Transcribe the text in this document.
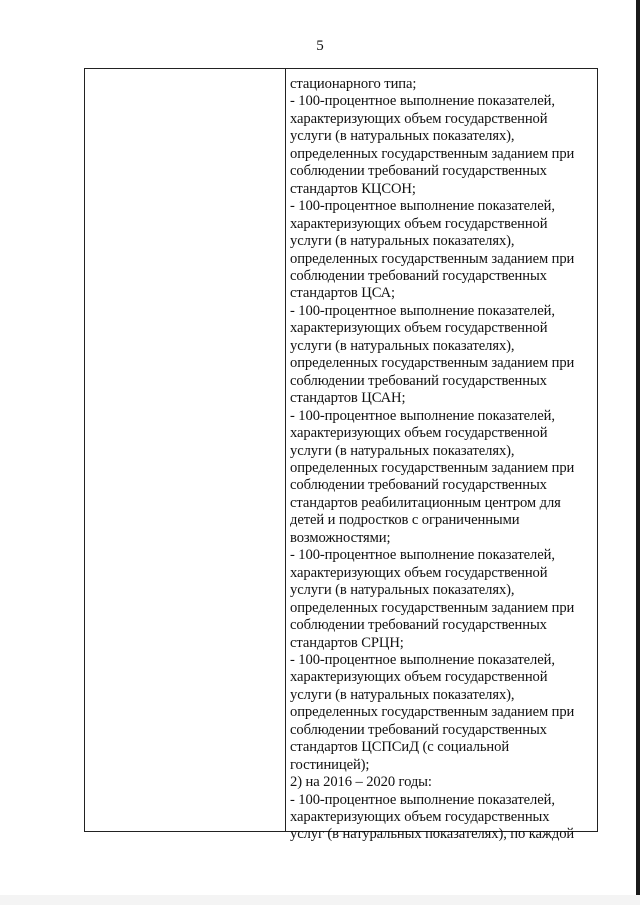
5
стационарного типа;
- 100-процентное выполнение показателей,
характеризующих объем государственной
услуги (в натуральных показателях),
определенных государственным заданием при
соблюдении требований государственных
стандартов КЦСОН;
- 100-процентное выполнение показателей,
характеризующих объем государственной
услуги (в натуральных показателях),
определенных государственным заданием при
соблюдении требований государственных
стандартов ЦСА;
- 100-процентное выполнение показателей,
характеризующих объем государственной
услуги (в натуральных показателях),
определенных государственным заданием при
соблюдении требований государственных
стандартов ЦСАН;
- 100-процентное выполнение показателей,
характеризующих объем государственной
услуги (в натуральных показателях),
определенных государственным заданием при
соблюдении требований государственных
стандартов реабилитационным центром для
детей и подростков с ограниченными
возможностями;
- 100-процентное выполнение показателей,
характеризующих объем государственной
услуги (в натуральных показателях),
определенных государственным заданием при
соблюдении требований государственных
стандартов СРЦН;
- 100-процентное выполнение показателей,
характеризующих объем государственной
услуги (в натуральных показателях),
определенных государственным заданием при
соблюдении требований государственных
стандартов ЦСПСиД (с социальной
гостиницей);
2) на 2016 – 2020 годы:
- 100-процентное выполнение показателей,
характеризующих объем государственных
услуг (в натуральных показателях), по каждой
